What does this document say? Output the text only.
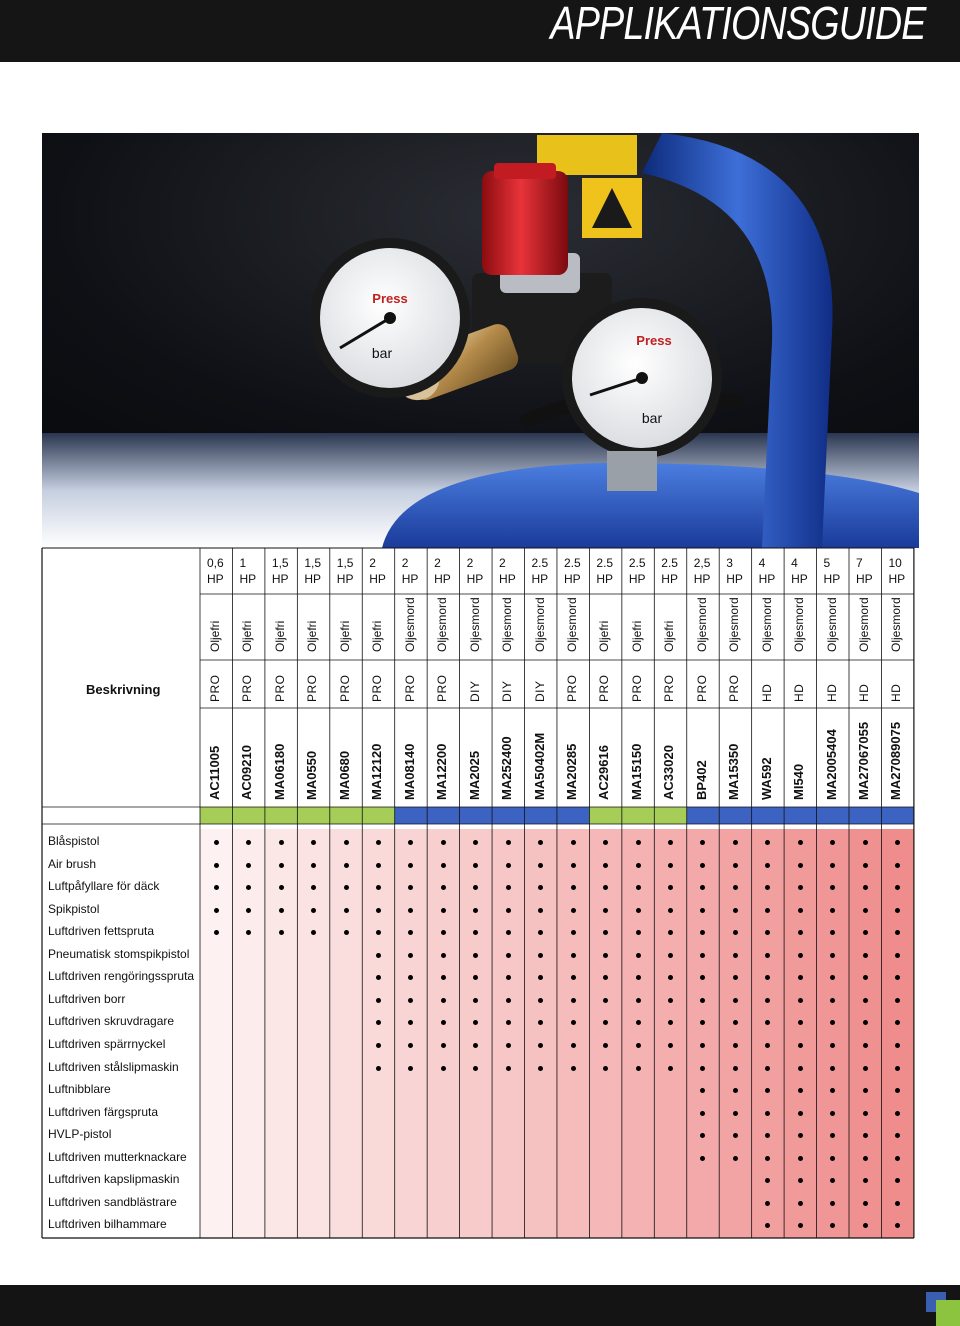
APPLIKATIONSGUIDE
Press
bar
Press
bar
0,6
HP
Oljefri
PRO
AC11005
1
HP
Oljefri
PRO
AC09210
1,5
HP
Oljefri
PRO
MA06180
1,5
HP
Oljefri
PRO
MA0550
1,5
HP
Oljefri
PRO
MA0680
2
HP
Oljefri
PRO
MA12120
2
HP
Oljesmord
PRO
MA08140
2
HP
Oljesmord
PRO
MA12200
2
HP
Oljesmord
DIY
MA2025
2
HP
Oljesmord
DIY
MA252400
2.5
HP
Oljesmord
DIY
MA50402M
2.5
HP
Oljesmord
PRO
MA20285
2.5
HP
Oljefri
PRO
AC29616
2.5
HP
Oljefri
PRO
MA15150
2.5
HP
Oljefri
PRO
AC33020
2,5
HP
Oljesmord
PRO
BP402
3
HP
Oljesmord
PRO
MA15350
4
HP
Oljesmord
HD
WA592
4
HP
Oljesmord
HD
MI540
5
HP
Oljesmord
HD
MA2005404
7
HP
Oljesmord
HD
MA27067055
10
HP
Oljesmord
HD
MA27089075
Blåspistol
Air brush
Luftpåfyllare för däck
Spikpistol
Luftdriven fettspruta
Pneumatisk stomspikpistol
Luftdriven rengöringsspruta
Luftdriven borr
Luftdriven skruvdragare
Luftdriven spärrnyckel
Luftdriven stålslipmaskin
Luftnibblare
Luftdriven färgspruta
HVLP-pistol
Luftdriven mutterknackare
Luftdriven kapslipmaskin
Luftdriven sandblästrare
Luftdriven bilhammare
Beskrivning
